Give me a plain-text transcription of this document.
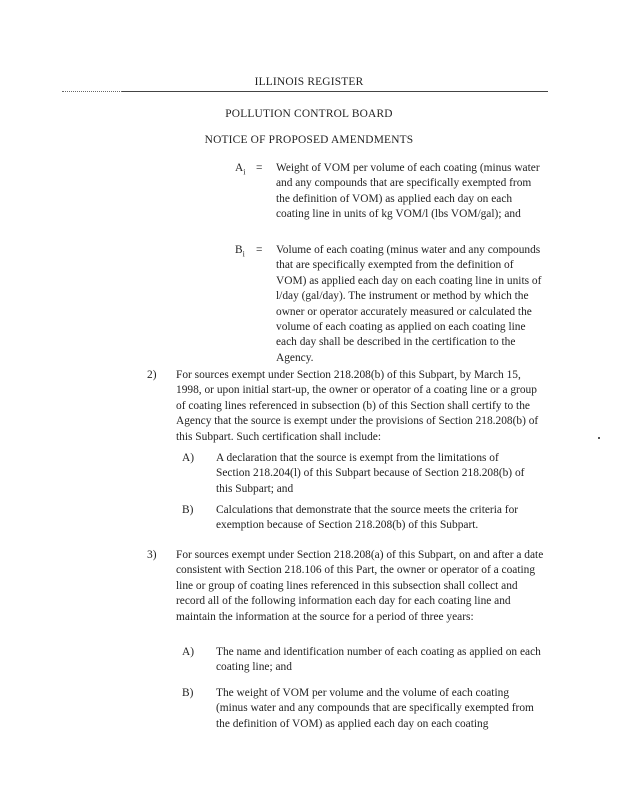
ILLINOIS REGISTER
POLLUTION CONTROL BOARD
NOTICE OF PROPOSED AMENDMENTS
$A_i$ = Weight of VOM per volume of each coating (minus water and any compounds that are specifically exempted from the definition of VOM) as applied each day on each coating line in units of kg VOM/l (lbs VOM/gal); and

$B_i$ = Volume of each coating (minus water and any compounds that are specifically exempted from the definition of VOM) as applied each day on each coating line in units of l/day (gal/day). The instrument or method by which the owner or operator accurately measured or calculated the volume of each coating as applied on each coating line each day shall be described in the certification to the Agency.

2) For sources exempt under Section 218.208(b) of this Subpart, by March 15, 1998, or upon initial start-up, the owner or operator of a coating line or a group of coating lines referenced in subsection (b) of this Section shall certify to the Agency that the source is exempt under the provisions of Section 218.208(b) of this Subpart. Such certification shall include:

A) A declaration that the source is exempt from the limitations of Section 218.204(l) of this Subpart because of Section 218.208(b) of this Subpart; and

B) Calculations that demonstrate that the source meets the criteria for exemption because of Section 218.208(b) of this Subpart.

3) For sources exempt under Section 218.208(a) of this Subpart, on and after a date consistent with Section 218.106 of this Part, the owner or operator of a coating line or group of coating lines referenced in this subsection shall collect and record all of the following information each day for each coating line and maintain the information at the source for a period of three years:

A) The name and identification number of each coating as applied on each coating line; and

B) The weight of VOM per volume and the volume of each coating (minus water and any compounds that are specifically exempted from the definition of VOM) as applied each day on each coating
